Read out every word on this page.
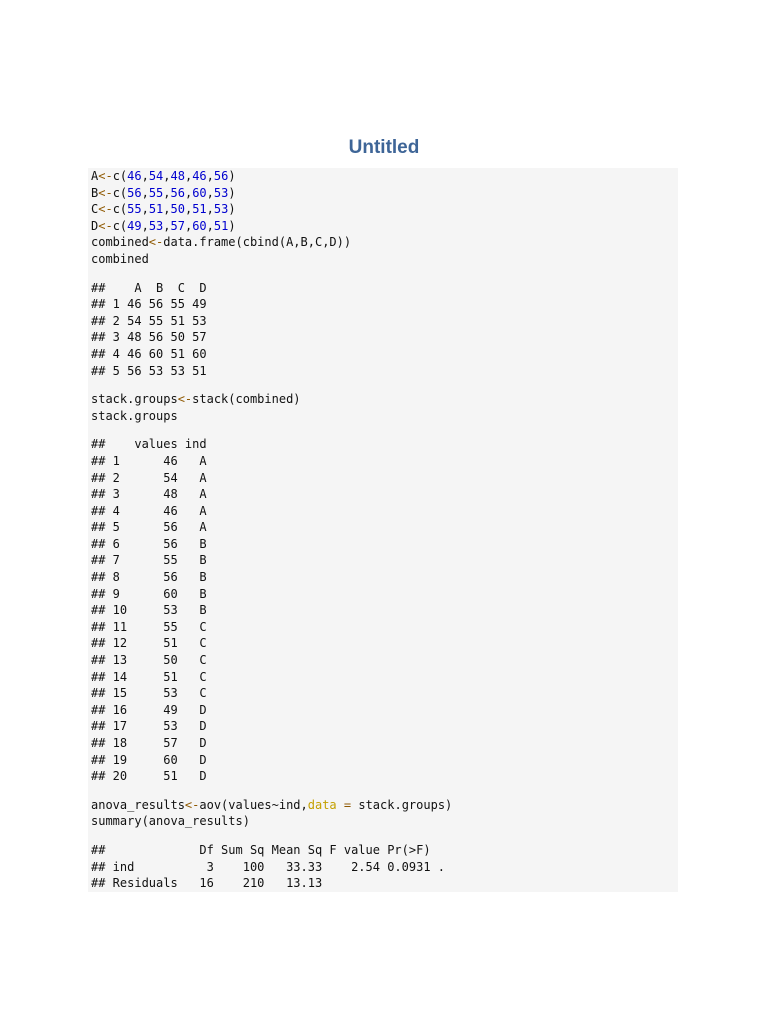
Untitled
A<-c(46,54,48,46,56)
B<-c(56,55,56,60,53)
C<-c(55,51,50,51,53)
D<-c(49,53,57,60,51)
combined<-data.frame(cbind(A,B,C,D))
combined
##    A  B  C  D
## 1 46 56 55 49
## 2 54 55 51 53
## 3 48 56 50 57
## 4 46 60 51 60
## 5 56 53 53 51
stack.groups<-stack(combined)
stack.groups
##    values ind
## 1      46   A
## 2      54   A
## 3      48   A
## 4      46   A
## 5      56   A
## 6      56   B
## 7      55   B
## 8      56   B
## 9      60   B
## 10     53   B
## 11     55   C
## 12     51   C
## 13     50   C
## 14     51   C
## 15     53   C
## 16     49   D
## 17     53   D
## 18     57   D
## 19     60   D
## 20     51   D
anova_results<-aov(values~ind,data = stack.groups)
summary(anova_results)
##             Df Sum Sq Mean Sq F value Pr(>F)
## ind          3    100   33.33    2.54 0.0931 .
## Residuals   16    210   13.13
